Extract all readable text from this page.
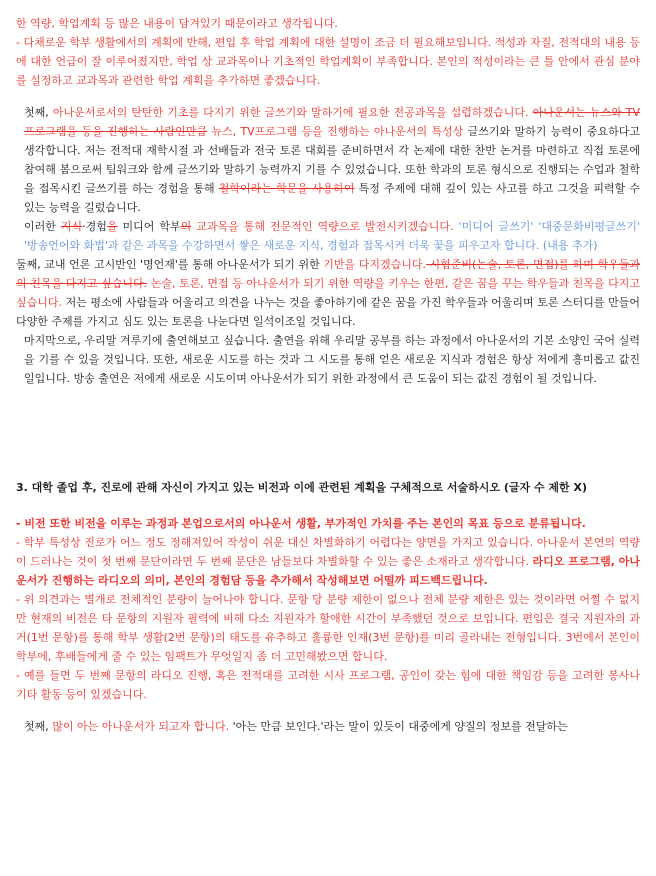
한 역량, 학업계획 등 많은 내용이 담겨있기 때문이라고 생각됩니다.

- 다채로운 학부 생활에서의 계획에 반해, 편입 후 학업 계획에 대한 설명이 조금 더 필요해보입니다. 적성과 자질, 전적대의 내용 등에 대한 언급이 잘 이루어졌지만, 학업 상 교과목이나 기초적인 학업계획이 부족합니다. 본인의 적성이라는 큰 틀 안에서 관심 분야를 설정하고 교과목과 관련한 학업 계획을 추가하면 좋겠습니다.

첫째, 아나운서로서의 탄탄한 기초를 다지기 위한 글쓰기와 말하기에 필요한 전공과목을 섭렵하겠습니다. 아나운서는 뉴스와 TV프로그램을 등을 진행하는 사람인만큼 뉴스, TV프로그램 등을 진행하는 아나운서의 특성상 글쓰기와 말하기 능력이 중요하다고 생각합니다. 저는 전적대 재학시절 과 선배들과 전국 토론 대회를 준비하면서 각 논제에 대한 찬반 논거를 마련하고 직접 토론에 참여해 봄으로써 팀워크와 함께 글쓰기와 말하기 능력까지 기를 수 있었습니다. 또한 학과의 토론 형식으로 진행되는 수업과 철학을 접목시킨 글쓰기를 하는 경험을 통해 철학이라는 학문을 사용하여 특정 주제에 대해 깊이 있는 사고를 하고 그것을 피력할 수 있는 능력을 길렀습니다.

이러한 지식·경험을 미디어 학부의 교과목을 통해 전문적인 역량으로 발전시키겠습니다. '미디어 글쓰기' '대중문화비평글쓰기' '방송언어와 화법'과 같은 과목을 수강하면서 쌓은 새로운 지식, 경험과 접목시켜 더욱 꽃을 피우고자 합니다. (내용 추가)

둘째, 교내 언론 고시반인 '명언재'를 통해 아나운서가 되기 위한 기반을 다지겠습니다. 시험준비(논술, 토론, 면접)를 하며 학우들과의 친목을 다지고 싶습니다. 논술, 토론, 면접 등 아나운서가 되기 위한 역량을 키우는 한편, 같은 꿈을 꾸는 학우들과 친목을 다지고 싶습니다. 저는 평소에 사람들과 어울리고 의견을 나누는 것을 좋아하기에 같은 꿈을 가진 학우들과 어울리며 토론 스터디를 만들어 다양한 주제를 가지고 심도 있는 토론을 나눈다면 일석이조일 것입니다.

마지막으로, 우리말 겨루기에 출연해보고 싶습니다. 출연을 위해 우리말 공부를 하는 과정에서 아나운서의 기본 소양인 국어 실력을 기를 수 있을 것입니다. 또한, 새로운 시도를 하는 것과 그 시도를 통해 얻은 새로운 지식과 경험은 항상 저에게 흥미롭고 값진 일입니다. 방송 출연은 저에게 새로운 시도이며 아나운서가 되기 위한 과정에서 큰 도움이 되는 값진 경험이 될 것입니다.

3. 대학 졸업 후, 진로에 관해 자신이 가지고 있는 비전과 이에 관련된 계획을 구체적으로 서술하시오 (글자 수 제한 X)

- 비전 또한 비전을 이루는 과정과 본업으로서의 아나운서 생활, 부가적인 가치를 주는 본인의 목표 등으로 분류됩니다.

- 학부 특성상 진로가 어느 정도 정해져있어 작성이 쉬운 대신 차별화하기 어렵다는 양면을 가지고 있습니다. 아나운서 본연의 역량이 드러나는 것이 첫 번째 문단이라면 두 번째 문단은 남들보다 차별화할 수 있는 좋은 소재라고 생각합니다. 라디오 프로그램, 아나운서가 진행하는 라디오의 의미, 본인의 경험담 등을 추가해서 작성해보면 어떨까 피드백드립니다.

- 위 의견과는 별개로 전체적인 분량이 늘어나야 합니다. 문항 당 분량 제한이 없으나 전체 분량 제한은 있는 것이라면 어쩔 수 없지만 현재의 비전은 타 문항의 지원자 필력에 비해 다소 지원자가 할애한 시간이 부족했던 것으로 보입니다. 편입은 결국 지원자의 과거(1번 문항)를 통해 학부 생활(2번 문항)의 태도를 유추하고 훌륭한 인재(3번 문항)를 미리 골라내는 전형입니다. 3번에서 본인이 학부에, 후배들에게 줄 수 있는 임팩트가 무엇일지 좀 더 고민해봤으면 합니다.

- 예를 들면 두 번째 문항의 라디오 진행, 혹은 전적대를 고려한 시사 프로그램, 공인이 갖는 힘에 대한 책임감 등을 고려한 봉사나 기타 활동 등이 있겠습니다.

첫째, 많이 아는 아나운서가 되고자 합니다. '아는 만큼 보인다.'라는 말이 있듯이 대중에게 양질의 정보를 전달하는
